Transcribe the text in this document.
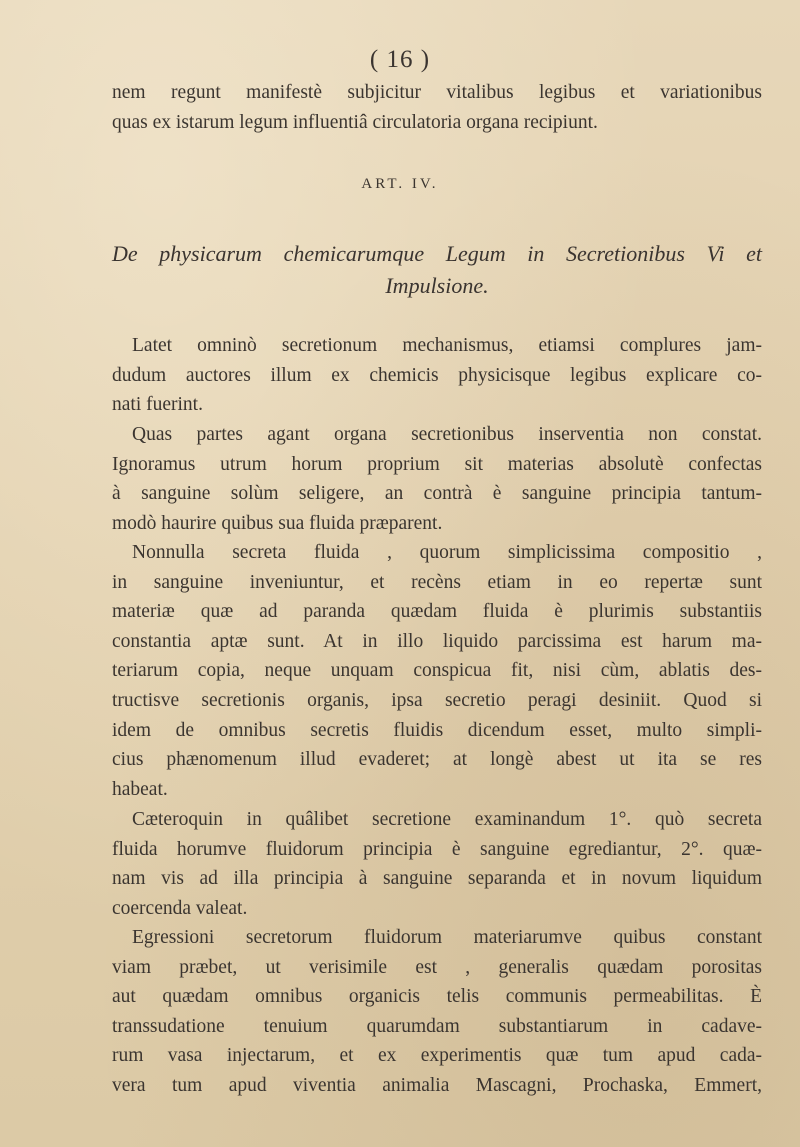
( 16 )
nem regunt manifestè subjicitur vitalibus legibus et variationibus
quas ex istarum legum influentiâ circulatoria organa recipiunt.
ART. IV.
De physicarum chemicarumque Legum in Secretionibus Vi et
Impulsione.
Latet omninò secretionum mechanismus, etiamsi complures jam-
dudum auctores illum ex chemicis physicisque legibus explicare co-
nati fuerint.
Quas partes agant organa secretionibus inserventia non constat.
Ignoramus utrum horum proprium sit materias absolutè confectas
à sanguine solùm seligere, an contrà è sanguine principia tantum-
modò haurire quibus sua fluida præparent.
Nonnulla secreta fluida , quorum simplicissima compositio ,
in sanguine inveniuntur, et recèns etiam in eo repertæ sunt
materiæ quæ ad paranda quædam fluida è plurimis substantiis
constantia aptæ sunt. At in illo liquido parcissima est harum ma-
teriarum copia, neque unquam conspicua fit, nisi cùm, ablatis des-
tructisve secretionis organis, ipsa secretio peragi desiniit. Quod si
idem de omnibus secretis fluidis dicendum esset, multo simpli-
cius phænomenum illud evaderet; at longè abest ut ita se res
habeat.
Cæteroquin in quâlibet secretione examinandum 1°. quò secreta
fluida horumve fluidorum principia è sanguine egrediantur, 2°. quæ-
nam vis ad illa principia à sanguine separanda et in novum liquidum
coercenda valeat.
Egressioni secretorum fluidorum materiarumve quibus constant
viam præbet, ut verisimile est , generalis quædam porositas
aut quædam omnibus organicis telis communis permeabilitas. È
transsudatione tenuium quarumdam substantiarum in cadave-
rum vasa injectarum, et ex experimentis quæ tum apud cada-
vera tum apud viventia animalia Mascagni, Prochaska, Emmert,
